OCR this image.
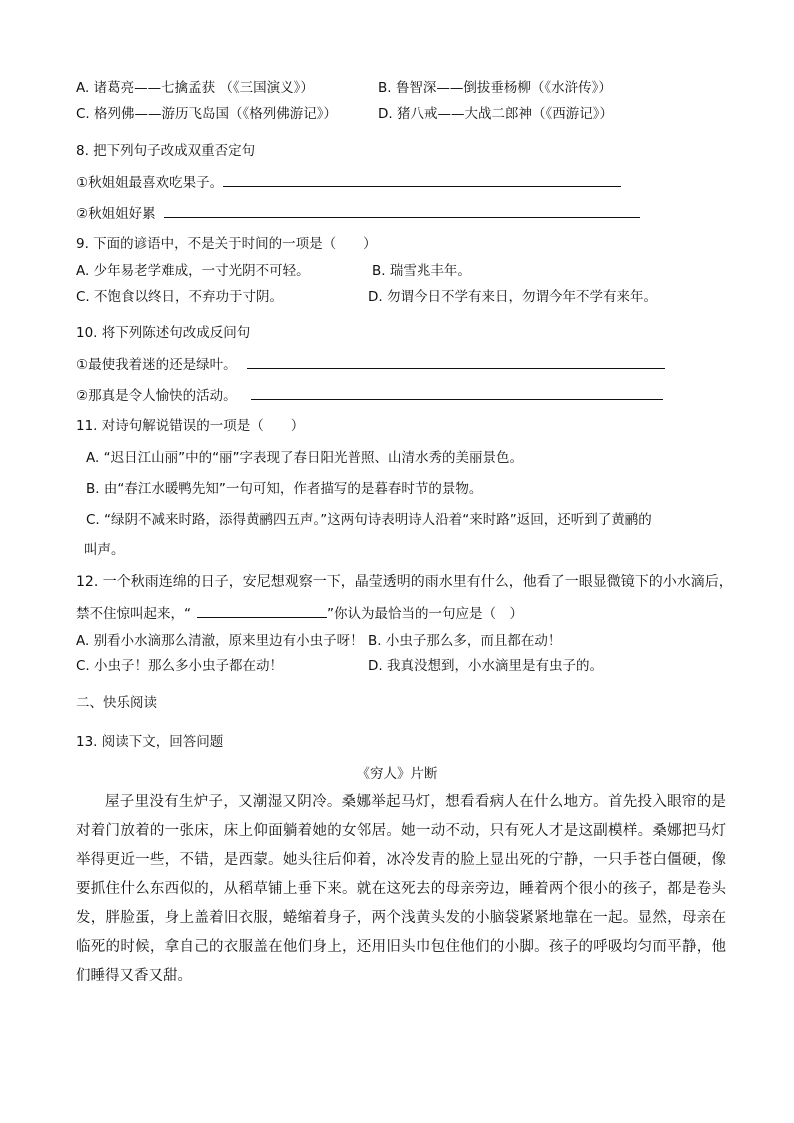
A. 诸葛亮——七擒孟获 （《三国演义》）	B. 鲁智深——倒拔垂杨柳（《水浒传》）
C. 格列佛——游历飞岛国（《格列佛游记》）	D. 猪八戒——大战二郎神（《西游记》）
8. 把下列句子改成双重否定句
①秋姐姐最喜欢吃果子。
②秋姐姐好累
9. 下面的谚语中，不是关于时间的一项是（　　）
A. 少年易老学难成，一寸光阴不可轻。	B. 瑞雪兆丰年。
C. 不饱食以终日，不弃功于寸阴。	D. 勿谓今日不学有来日，勿谓今年不学有来年。
10. 将下列陈述句改成反问句
①最使我着迷的还是绿叶。
②那真是令人愉快的活动。
11. 对诗句解说错误的一项是（　　）
A. “迟日江山丽”中的“丽”字表现了春日阳光普照、山清水秀的美丽景色。
B. 由“春江水暖鸭先知”一句可知，作者描写的是暮春时节的景物。
C. “绿阴不减来时路，添得黄鹂四五声。”这两句诗表明诗人沿着“来时路”返回，还听到了黄鹂的
叫声。
12. 一个秋雨连绵的日子，安尼想观察一下，晶莹透明的雨水里有什么，他看了一眼显微镜下的小水滴后，
禁不住惊叫起来，“	”你认为最恰当的一句应是（　）
A. 别看小水滴那么清澈，原来里边有小虫子呀！ B. 小虫子那么多，而且都在动！
C. 小虫子！那么多小虫子都在动！	D. 我真没想到，小水滴里是有虫子的。
二、快乐阅读
13. 阅读下文，回答问题
《穷人》片断
屋子里没有生炉子，又潮湿又阴冷。桑娜举起马灯，想看看病人在什么地方。首先投入眼帘的是对着门放着的一张床，床上仰面躺着她的女邻居。她一动不动，只有死人才是这副模样。桑娜把马灯举得更近一些，不错，是西蒙。她头往后仰着，冰冷发青的脸上显出死的宁静，一只手苍白僵硬，像要抓住什么东西似的，从稻草铺上垂下来。就在这死去的母亲旁边，睡着两个很小的孩子，都是卷头发，胖脸蛋，身上盖着旧衣服，蜷缩着身子，两个浅黄头发的小脑袋紧紧地靠在一起。显然，母亲在临死的时候，拿自己的衣服盖在他们身上，还用旧头巾包住他们的小脚。孩子的呼吸均匀而平静，他们睡得又香又甜。
